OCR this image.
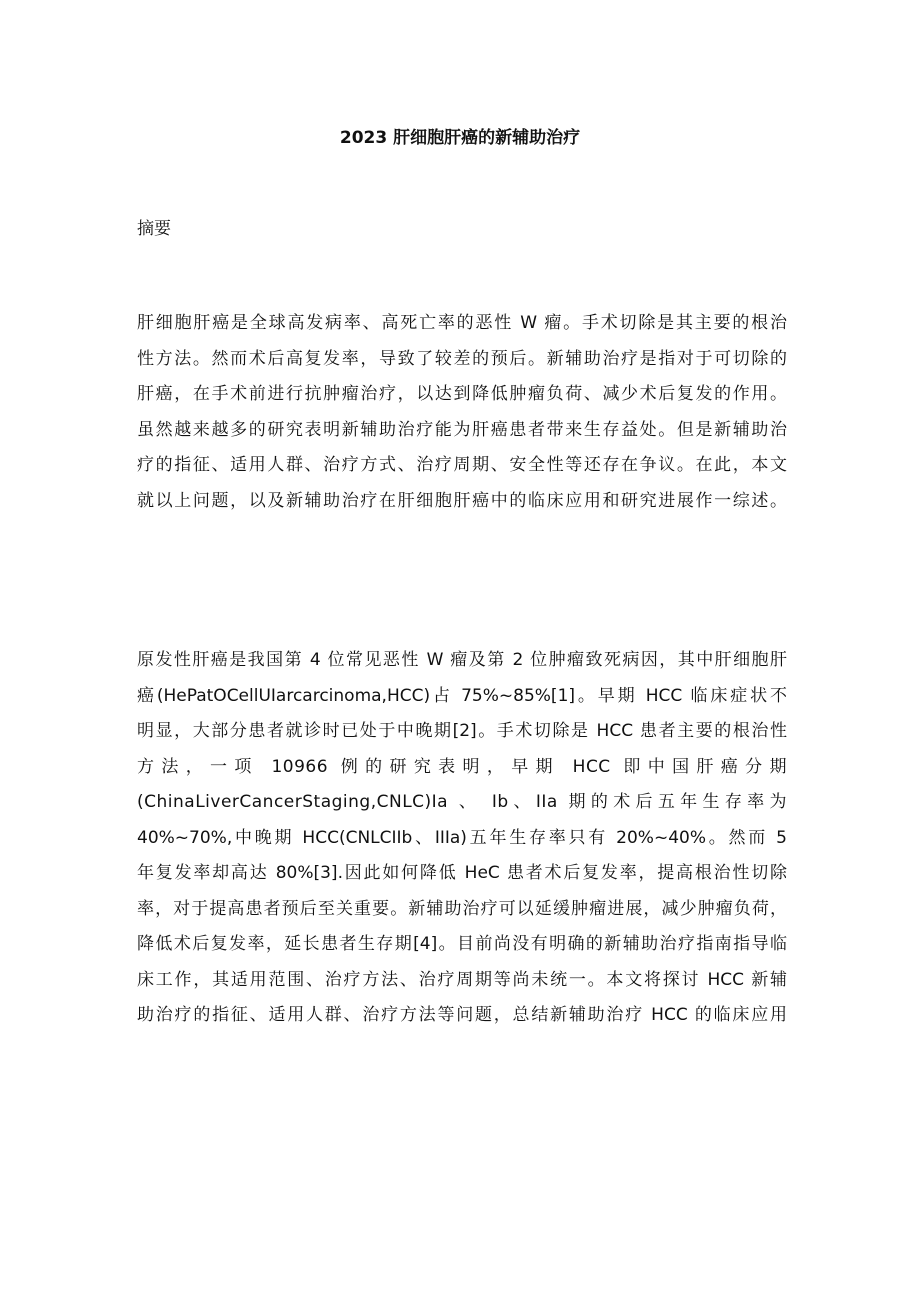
2023 肝细胞肝癌的新辅助治疗
摘要
肝细胞肝癌是全球高发病率、高死亡率的恶性 W 瘤。手术切除是其主要的根治
性方法。然而术后高复发率，导致了较差的预后。新辅助治疗是指对于可切除的
肝癌，在手术前进行抗肿瘤治疗，以达到降低肿瘤负荷、减少术后复发的作用。
虽然越来越多的研究表明新辅助治疗能为肝癌患者带来生存益处。但是新辅助治
疗的指征、适用人群、治疗方式、治疗周期、安全性等还存在争议。在此，本文
就以上问题，以及新辅助治疗在肝细胞肝癌中的临床应用和研究进展作一综述。
原发性肝癌是我国第 4 位常见恶性 W 瘤及第 2 位肿瘤致死病因，其中肝细胞肝
癌(HePatOCellUIarcarcinoma,HCC)占 75%~85%[1]。早期 HCC 临床症状不
明显，大部分患者就诊时已处于中晚期[2]。手术切除是 HCC 患者主要的根治性
方法，一项 10966 例的研究表明，早期 HCC 即中国肝癌分期
(ChinaLiverCancerStaging,CNLC)Ia 、 Ib、IIa 期的术后五年生存率为
40%~70%,中晚期 HCC(CNLCIIb、IIIa)五年生存率只有 20%~40%。然而 5
年复发率却高达 80%[3].因此如何降低 HeC 患者术后复发率，提高根治性切除
率，对于提高患者预后至关重要。新辅助治疗可以延缓肿瘤进展，减少肿瘤负荷，
降低术后复发率，延长患者生存期[4]。目前尚没有明确的新辅助治疗指南指导临
床工作，其适用范围、治疗方法、治疗周期等尚未统一。本文将探讨 HCC 新辅
助治疗的指征、适用人群、治疗方法等问题，总结新辅助治疗 HCC 的临床应用
